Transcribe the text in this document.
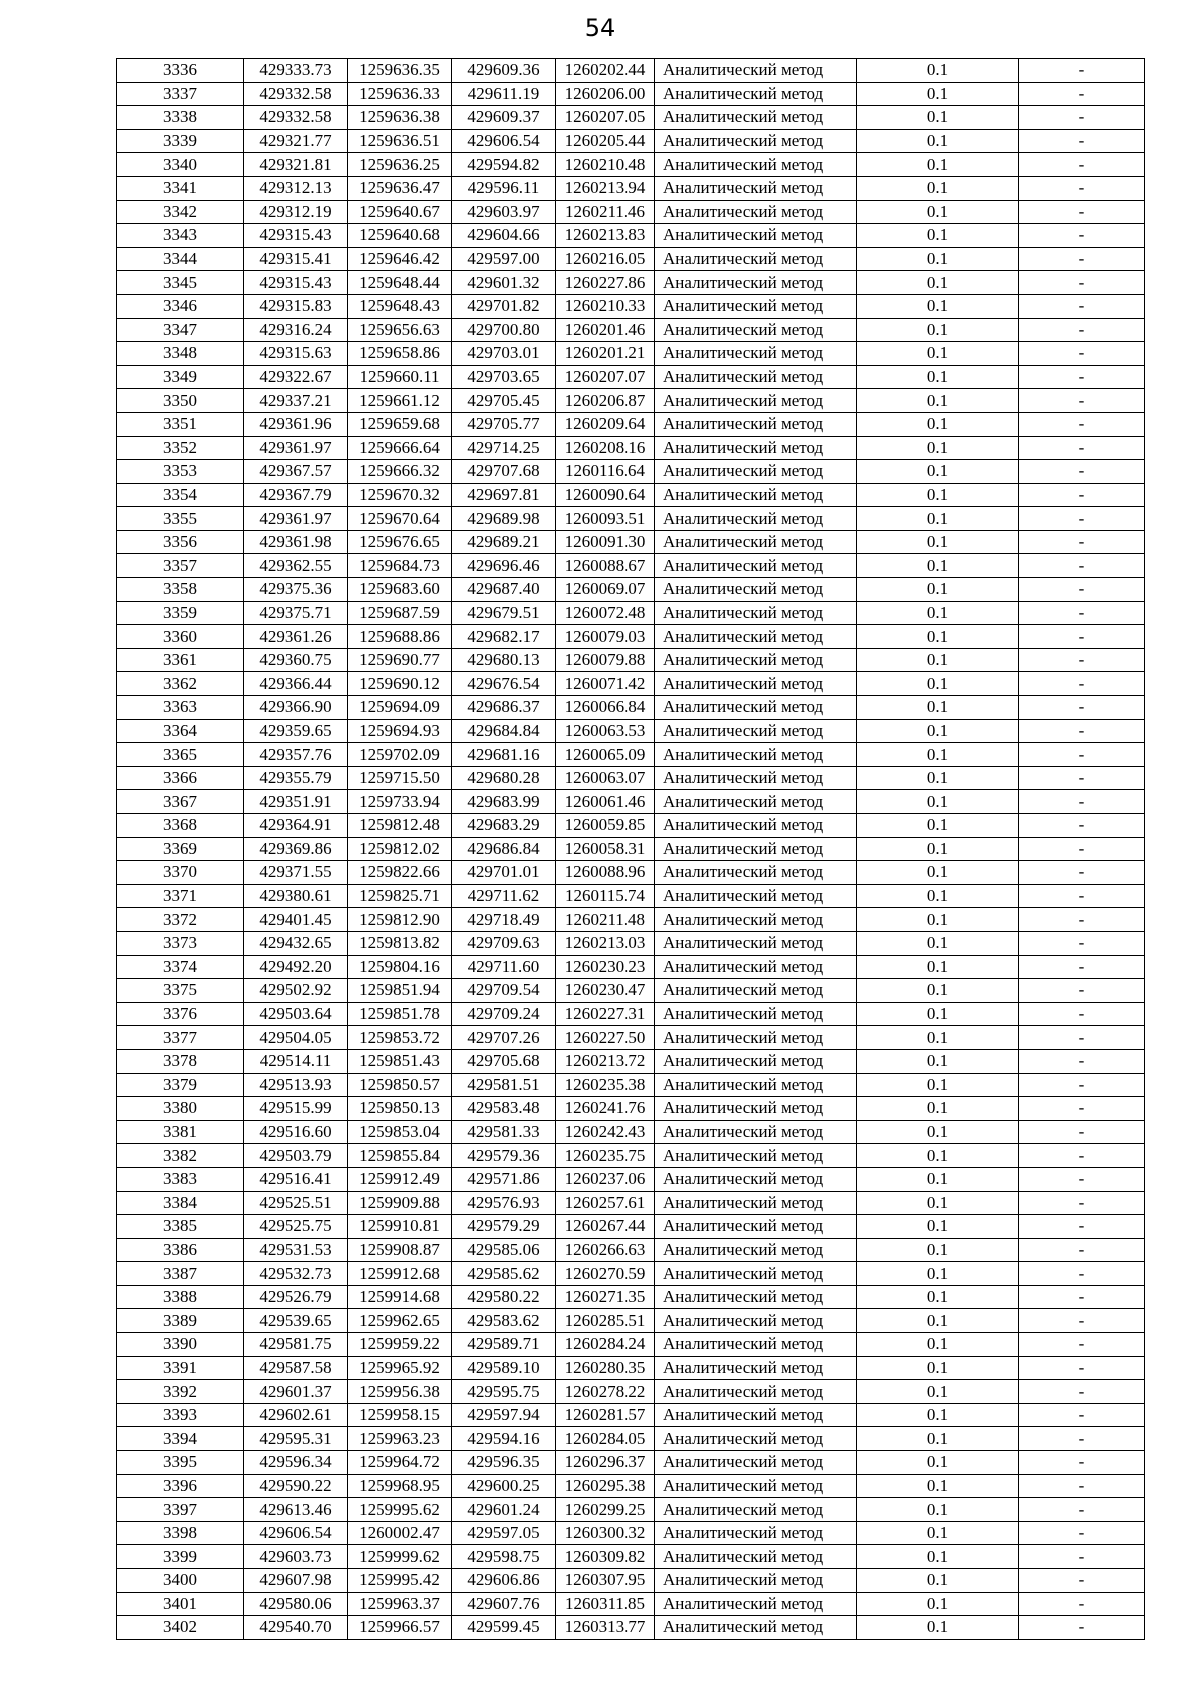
54
3336	429333.73	1259636.35	429609.36	1260202.44	Аналитический метод	0.1	-
3337	429332.58	1259636.33	429611.19	1260206.00	Аналитический метод	0.1	-
3338	429332.58	1259636.38	429609.37	1260207.05	Аналитический метод	0.1	-
3339	429321.77	1259636.51	429606.54	1260205.44	Аналитический метод	0.1	-
3340	429321.81	1259636.25	429594.82	1260210.48	Аналитический метод	0.1	-
3341	429312.13	1259636.47	429596.11	1260213.94	Аналитический метод	0.1	-
3342	429312.19	1259640.67	429603.97	1260211.46	Аналитический метод	0.1	-
3343	429315.43	1259640.68	429604.66	1260213.83	Аналитический метод	0.1	-
3344	429315.41	1259646.42	429597.00	1260216.05	Аналитический метод	0.1	-
3345	429315.43	1259648.44	429601.32	1260227.86	Аналитический метод	0.1	-
3346	429315.83	1259648.43	429701.82	1260210.33	Аналитический метод	0.1	-
3347	429316.24	1259656.63	429700.80	1260201.46	Аналитический метод	0.1	-
3348	429315.63	1259658.86	429703.01	1260201.21	Аналитический метод	0.1	-
3349	429322.67	1259660.11	429703.65	1260207.07	Аналитический метод	0.1	-
3350	429337.21	1259661.12	429705.45	1260206.87	Аналитический метод	0.1	-
3351	429361.96	1259659.68	429705.77	1260209.64	Аналитический метод	0.1	-
3352	429361.97	1259666.64	429714.25	1260208.16	Аналитический метод	0.1	-
3353	429367.57	1259666.32	429707.68	1260116.64	Аналитический метод	0.1	-
3354	429367.79	1259670.32	429697.81	1260090.64	Аналитический метод	0.1	-
3355	429361.97	1259670.64	429689.98	1260093.51	Аналитический метод	0.1	-
3356	429361.98	1259676.65	429689.21	1260091.30	Аналитический метод	0.1	-
3357	429362.55	1259684.73	429696.46	1260088.67	Аналитический метод	0.1	-
3358	429375.36	1259683.60	429687.40	1260069.07	Аналитический метод	0.1	-
3359	429375.71	1259687.59	429679.51	1260072.48	Аналитический метод	0.1	-
3360	429361.26	1259688.86	429682.17	1260079.03	Аналитический метод	0.1	-
3361	429360.75	1259690.77	429680.13	1260079.88	Аналитический метод	0.1	-
3362	429366.44	1259690.12	429676.54	1260071.42	Аналитический метод	0.1	-
3363	429366.90	1259694.09	429686.37	1260066.84	Аналитический метод	0.1	-
3364	429359.65	1259694.93	429684.84	1260063.53	Аналитический метод	0.1	-
3365	429357.76	1259702.09	429681.16	1260065.09	Аналитический метод	0.1	-
3366	429355.79	1259715.50	429680.28	1260063.07	Аналитический метод	0.1	-
3367	429351.91	1259733.94	429683.99	1260061.46	Аналитический метод	0.1	-
3368	429364.91	1259812.48	429683.29	1260059.85	Аналитический метод	0.1	-
3369	429369.86	1259812.02	429686.84	1260058.31	Аналитический метод	0.1	-
3370	429371.55	1259822.66	429701.01	1260088.96	Аналитический метод	0.1	-
3371	429380.61	1259825.71	429711.62	1260115.74	Аналитический метод	0.1	-
3372	429401.45	1259812.90	429718.49	1260211.48	Аналитический метод	0.1	-
3373	429432.65	1259813.82	429709.63	1260213.03	Аналитический метод	0.1	-
3374	429492.20	1259804.16	429711.60	1260230.23	Аналитический метод	0.1	-
3375	429502.92	1259851.94	429709.54	1260230.47	Аналитический метод	0.1	-
3376	429503.64	1259851.78	429709.24	1260227.31	Аналитический метод	0.1	-
3377	429504.05	1259853.72	429707.26	1260227.50	Аналитический метод	0.1	-
3378	429514.11	1259851.43	429705.68	1260213.72	Аналитический метод	0.1	-
3379	429513.93	1259850.57	429581.51	1260235.38	Аналитический метод	0.1	-
3380	429515.99	1259850.13	429583.48	1260241.76	Аналитический метод	0.1	-
3381	429516.60	1259853.04	429581.33	1260242.43	Аналитический метод	0.1	-
3382	429503.79	1259855.84	429579.36	1260235.75	Аналитический метод	0.1	-
3383	429516.41	1259912.49	429571.86	1260237.06	Аналитический метод	0.1	-
3384	429525.51	1259909.88	429576.93	1260257.61	Аналитический метод	0.1	-
3385	429525.75	1259910.81	429579.29	1260267.44	Аналитический метод	0.1	-
3386	429531.53	1259908.87	429585.06	1260266.63	Аналитический метод	0.1	-
3387	429532.73	1259912.68	429585.62	1260270.59	Аналитический метод	0.1	-
3388	429526.79	1259914.68	429580.22	1260271.35	Аналитический метод	0.1	-
3389	429539.65	1259962.65	429583.62	1260285.51	Аналитический метод	0.1	-
3390	429581.75	1259959.22	429589.71	1260284.24	Аналитический метод	0.1	-
3391	429587.58	1259965.92	429589.10	1260280.35	Аналитический метод	0.1	-
3392	429601.37	1259956.38	429595.75	1260278.22	Аналитический метод	0.1	-
3393	429602.61	1259958.15	429597.94	1260281.57	Аналитический метод	0.1	-
3394	429595.31	1259963.23	429594.16	1260284.05	Аналитический метод	0.1	-
3395	429596.34	1259964.72	429596.35	1260296.37	Аналитический метод	0.1	-
3396	429590.22	1259968.95	429600.25	1260295.38	Аналитический метод	0.1	-
3397	429613.46	1259995.62	429601.24	1260299.25	Аналитический метод	0.1	-
3398	429606.54	1260002.47	429597.05	1260300.32	Аналитический метод	0.1	-
3399	429603.73	1259999.62	429598.75	1260309.82	Аналитический метод	0.1	-
3400	429607.98	1259995.42	429606.86	1260307.95	Аналитический метод	0.1	-
3401	429580.06	1259963.37	429607.76	1260311.85	Аналитический метод	0.1	-
3402	429540.70	1259966.57	429599.45	1260313.77	Аналитический метод	0.1	-
